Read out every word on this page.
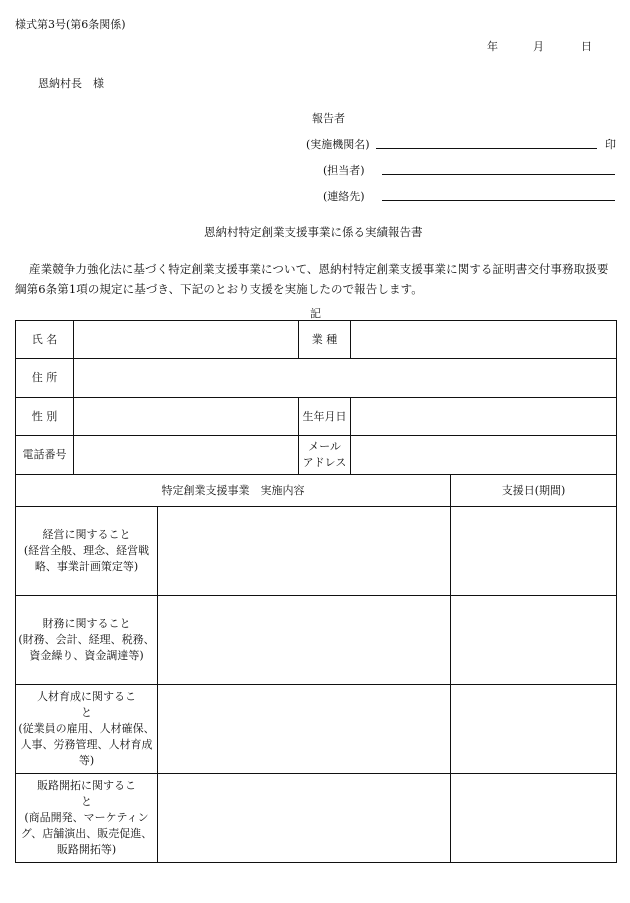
様式第3号(第6条関係)
年	月	日
恩納村長　様
報告者
(実施機関名)	印
(担当者)
(連絡先)
恩納村特定創業支援事業に係る実績報告書
産業競争力強化法に基づく特定創業支援事業について、恩納村特定創業支援事業に関する証明書交付事務取扱要綱第6条第1項の規定に基づき、下記のとおり支援を実施したので報告します。
記
氏 名			業 種		
住 所					
性 別			生年月日		
電話番号			メール
アドレス		

特定創業支援事業　実施内容					支援日(期間)

経営に関すること
(経営全般、理念、経営戦
略、事業計画策定等)					

財務に関すること
(財務、会計、経理、税務、
資金繰り、資金調達等)					

人材育成に関するこ
と
(従業員の雇用、人材確保、
人事、労務管理、人材育成
等)					

販路開拓に関するこ
と
(商品開発、マーケティン
グ、店舗演出、販売促進、
販路開拓等)					
